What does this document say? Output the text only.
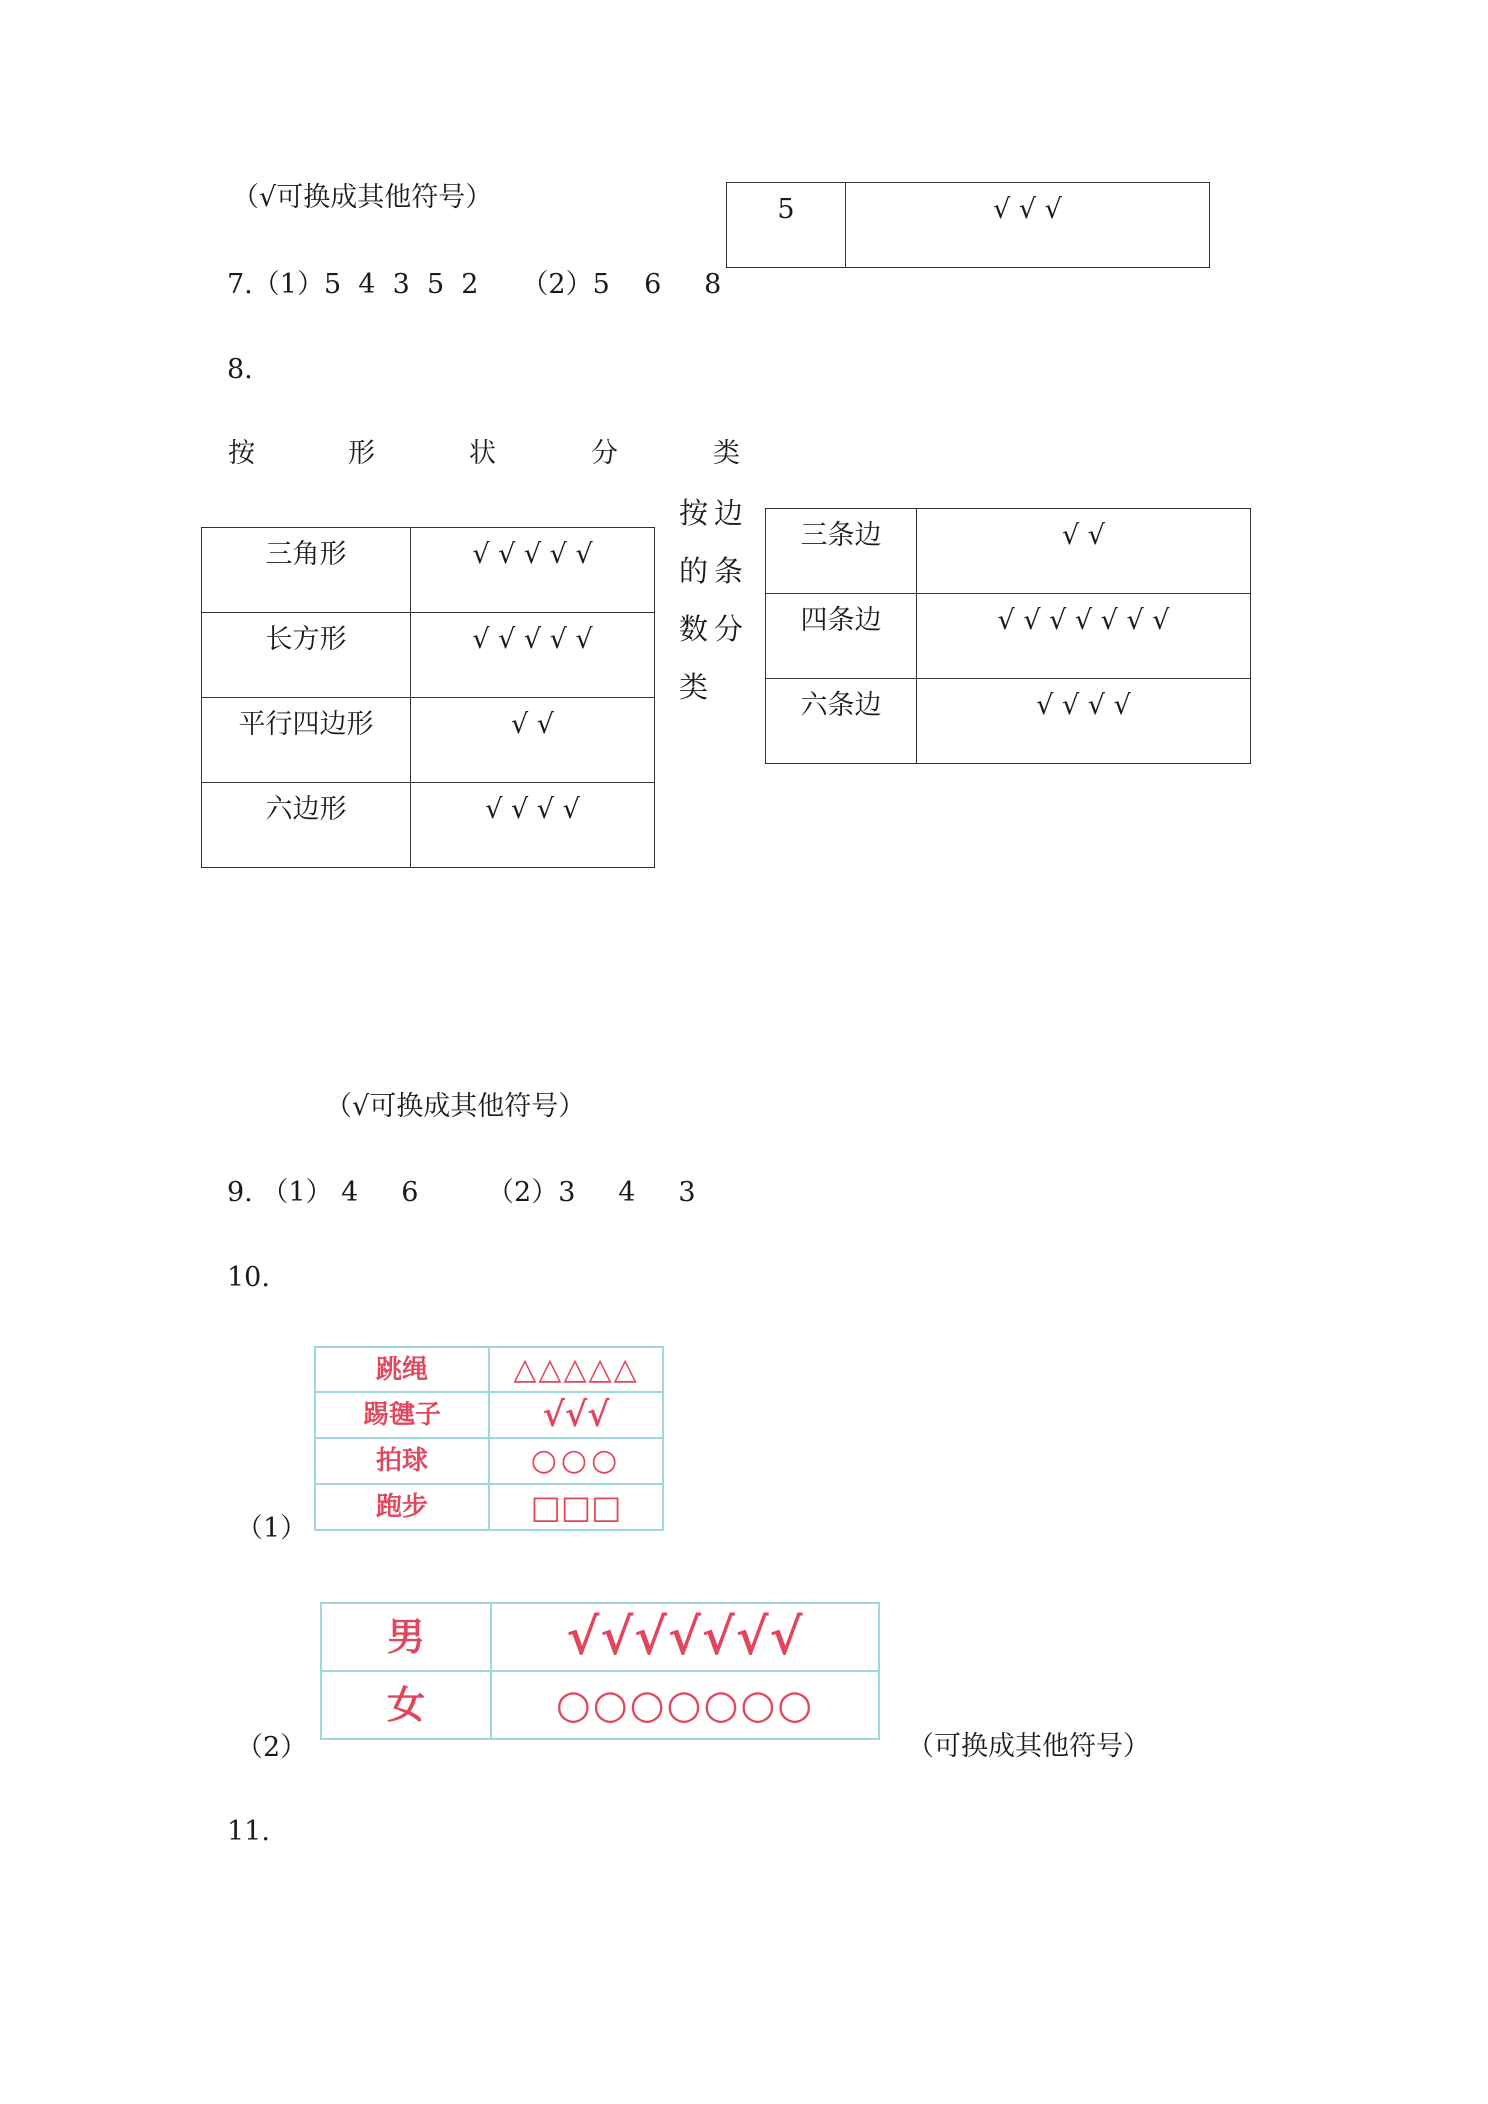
（√可换成其他符号）	5	√ √ √
7.（1）5  4  3  5  2     （2）5    6     8
8.
按	形	状	分	类
三角形	√ √ √ √ √
长方形	√ √ √ √ √
平行四边形	√ √
六边形	√ √ √ √
按边
的条
数分
类
三条边	√ √
四条边	√ √ √ √ √ √ √
六条边	√ √ √ √
（√可换成其他符号）
9. （1） 4     6        （2）3     4     3
10.
（1）
跳绳	△△△△△
踢毽子	√√√
拍球	○○○
跑步	□□□
（2）
男	√√√√√√√
女	○○○○○○○
（可换成其他符号）
11.
